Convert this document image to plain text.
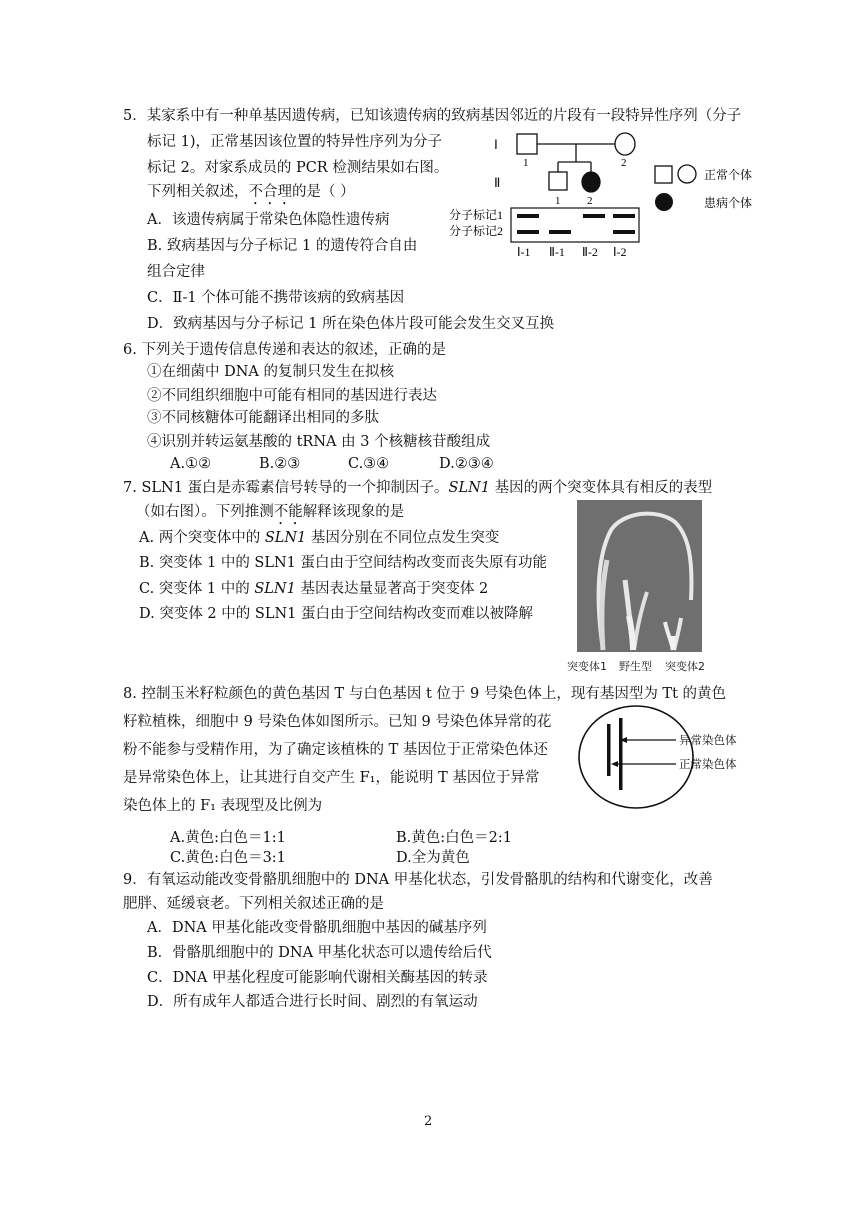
5．某家系中有一种单基因遗传病，已知该遗传病的致病基因邻近的片段有一段特异性序列（分子
标记 1)，正常基因该位置的特异性序列为分子
标记 2。对家系成员的 PCR 检测结果如右图。
下列相关叙述，不合理的是（ ）
A．该遗传病属于常染色体隐性遗传病
B. 致病基因与分子标记 1 的遗传符合自由
组合定律
C．Ⅱ-1 个体可能不携带该病的致病基因
D．致病基因与分子标记 1 所在染色体片段可能会发生交叉互换
Ⅰ
Ⅱ
1	2
1 2
正常个体
患病个体
分子标记1
分子标记2
Ⅰ-1 Ⅱ-1 Ⅱ-2 Ⅰ-2
6. 下列关于遗传信息传递和表达的叙述，正确的是
①在细菌中 DNA 的复制只发生在拟核
②不同组织细胞中可能有相同的基因进行表达
③不同核糖体可能翻译出相同的多肽
④识别并转运氨基酸的 tRNA 由 3 个核糖核苷酸组成
A.①②	B.②③	C.③④	D.②③④
7. SLN1 蛋白是赤霉素信号转导的一个抑制因子。SLN1 基因的两个突变体具有相反的表型
（如右图）。下列推测不能解释该现象的是
A. 两个突变体中的 SLN1 基因分别在不同位点发生突变
B. 突变体 1 中的 SLN1 蛋白由于空间结构改变而丧失原有功能
C. 突变体 1 中的 SLN1 基因表达量显著高于突变体 2
D. 突变体 2 中的 SLN1 蛋白由于空间结构改变而难以被降解
突变体1 野生型 突变体2
8. 控制玉米籽粒颜色的黄色基因 T 与白色基因 t 位于 9 号染色体上，现有基因型为 Tt 的黄色
籽粒植株，细胞中 9 号染色体如图所示。已知 9 号染色体异常的花
粉不能参与受精作用，为了确定该植株的 T 基因位于正常染色体还
是异常染色体上，让其进行自交产生 F₁，能说明 T 基因位于异常
染色体上的 F₁ 表现型及比例为
A.黄色:白色＝1:1	B.黄色:白色＝2:1
C.黄色:白色＝3:1	D.全为黄色
异常染色体
正常染色体
9．有氧运动能改变骨骼肌细胞中的 DNA 甲基化状态，引发骨骼肌的结构和代谢变化，改善
肥胖、延缓衰老。下列相关叙述正确的是
A．DNA 甲基化能改变骨骼肌细胞中基因的碱基序列
B．骨骼肌细胞中的 DNA 甲基化状态可以遗传给后代
C．DNA 甲基化程度可能影响代谢相关酶基因的转录
D．所有成年人都适合进行长时间、剧烈的有氧运动
2
